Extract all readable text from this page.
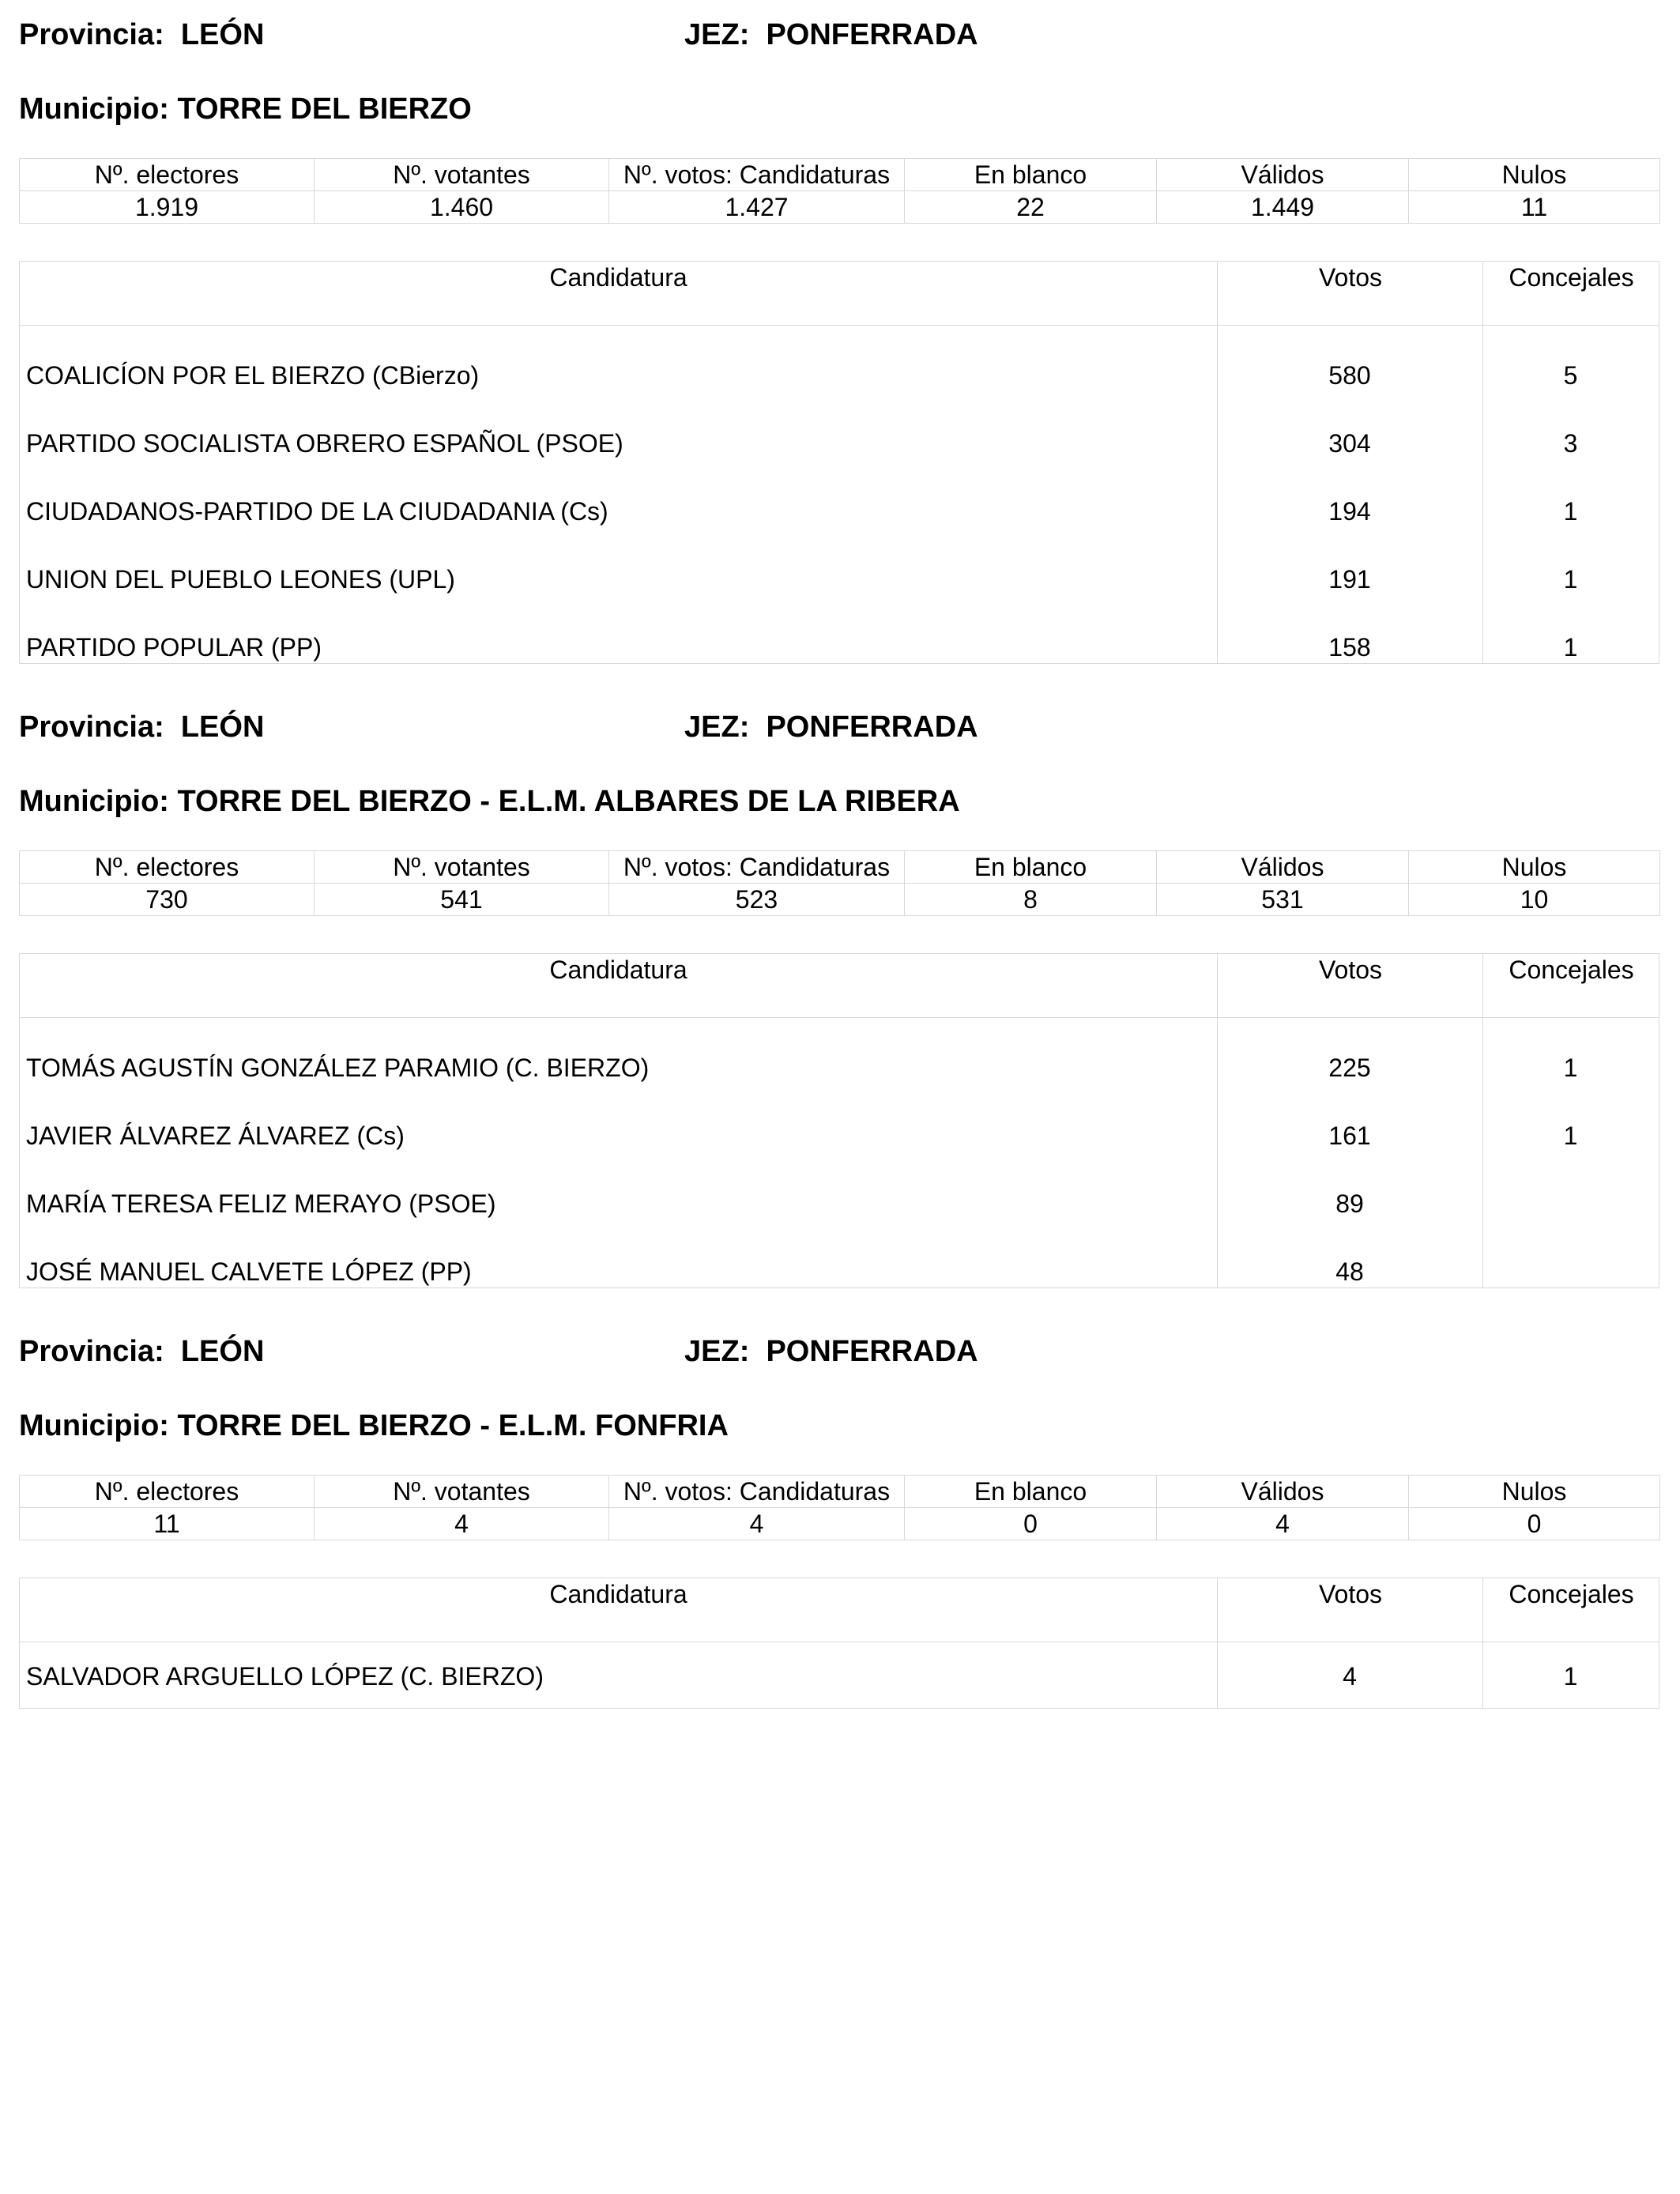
Provincia:  LEÓN	JEZ:  PONFERRADA
Municipio: TORRE DEL BIERZO
Nº. electores	Nº. votantes	Nº. votos: Candidaturas	En blanco	Válidos	Nulos
1.919	1.460	1.427	22	1.449	11
Candidatura	Votos	Concejales
COALICÍON POR EL BIERZO (CBierzo)	580	5
PARTIDO SOCIALISTA OBRERO ESPAÑOL (PSOE)	304	3
CIUDADANOS-PARTIDO DE LA CIUDADANIA (Cs)	194	1
UNION DEL PUEBLO LEONES (UPL)	191	1
PARTIDO POPULAR (PP)	158	1
Provincia:  LEÓN	JEZ:  PONFERRADA
Municipio: TORRE DEL BIERZO - E.L.M. ALBARES DE LA RIBERA
Nº. electores	Nº. votantes	Nº. votos: Candidaturas	En blanco	Válidos	Nulos
730	541	523	8	531	10
Candidatura	Votos	Concejales
TOMÁS AGUSTÍN GONZÁLEZ PARAMIO (C. BIERZO)	225	1
JAVIER ÁLVAREZ ÁLVAREZ (Cs)	161	1
MARÍA TERESA FELIZ MERAYO (PSOE)	89
JOSÉ MANUEL CALVETE LÓPEZ (PP)	48
Provincia:  LEÓN	JEZ:  PONFERRADA
Municipio: TORRE DEL BIERZO - E.L.M. FONFRIA
Nº. electores	Nº. votantes	Nº. votos: Candidaturas	En blanco	Válidos	Nulos
11	4	4	0	4	0
Candidatura	Votos	Concejales
SALVADOR ARGUELLO LÓPEZ (C. BIERZO)	4	1
